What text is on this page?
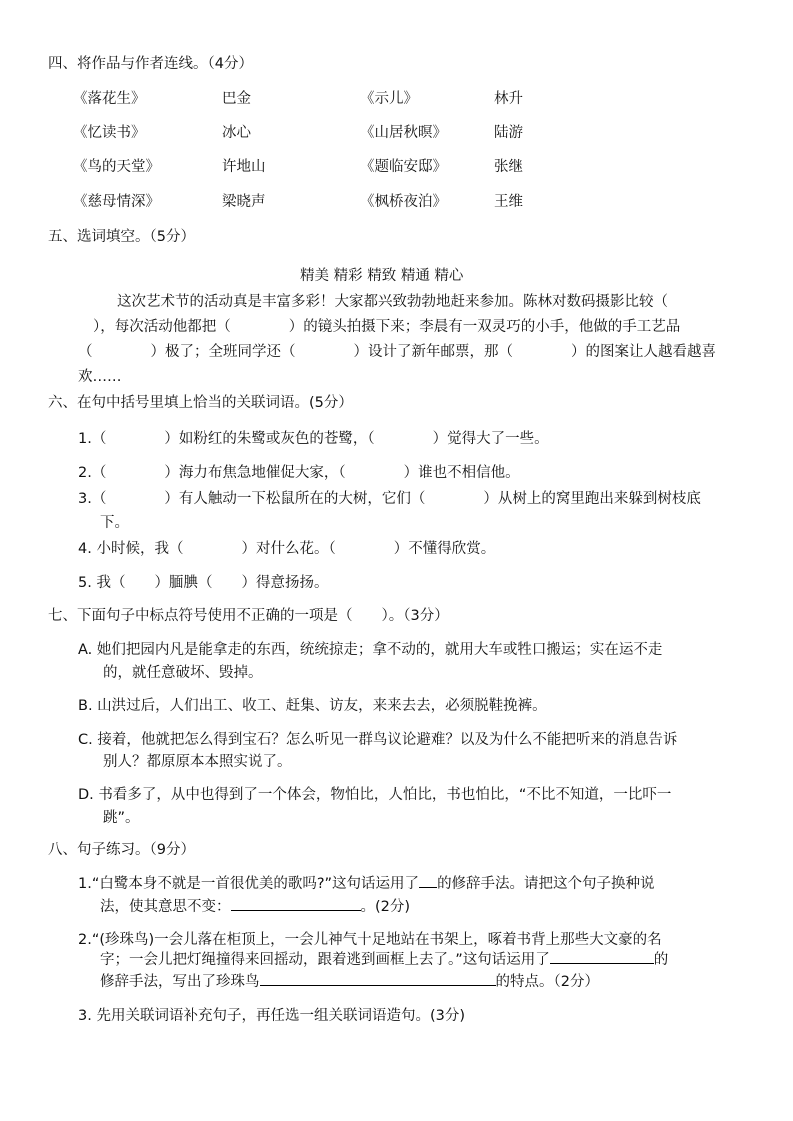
四、将作品与作者连线。（4分）
《落花生》	巴金	《示儿》	林升
《忆读书》	冰心	《山居秋暝》	陆游
《鸟的天堂》	许地山	《题临安邸》	张继
《慈母情深》	梁晓声	《枫桥夜泊》	王维
五、选词填空。（5分）
精美 精彩 精致 精通 精心
这次艺术节的活动真是丰富多彩！大家都兴致勃勃地赶来参加。陈林对数码摄影比较（
），每次活动他都把（　　　　）的镜头拍摄下来；李晨有一双灵巧的小手，他做的手工艺品
（　　　　）极了；全班同学还（　　　　）设计了新年邮票，那（　　　　）的图案让人越看越喜
欢……
六、在句中括号里填上恰当的关联词语。(5分）
1.（　　　　）如粉红的朱鹭或灰色的苍鹭，（　　　　）觉得大了一些。
2.（　　　　）海力布焦急地催促大家，（　　　　）谁也不相信他。
3.（　　　　）有人触动一下松鼠所在的大树，它们（　　　　）从树上的窝里跑出来躲到树枝底
下。
4. 小时候，我（　　　　）对什么花。（　　　　）不懂得欣赏。
5. 我（　　）腼腆（　　）得意扬扬。
七、下面句子中标点符号使用不正确的一项是（　　）。（3分）
A. 她们把园内凡是能拿走的东西，统统掠走；拿不动的，就用大车或牲口搬运；实在运不走
的，就任意破坏、毁掉。
B. 山洪过后，人们出工、收工、赶集、访友，来来去去，必须脱鞋挽裤。
C. 接着，他就把怎么得到宝石？怎么听见一群鸟议论避难？以及为什么不能把听来的消息告诉
别人？都原原本本照实说了。
D. 书看多了，从中也得到了一个体会，物怕比，人怕比，书也怕比，“不比不知道，一比吓一
跳”。
八、句子练习。（9分）
1.“白鹭本身不就是一首很优美的歌吗?”这句话运用了 的修辞手法。请把这个句子换种说
法，使其意思不变：	。(2分)
2.“(珍珠鸟)一会儿落在柜顶上，一会儿神气十足地站在书架上，啄着书背上那些大文豪的名
字；一会儿把灯绳撞得来回摇动，跟着逃到画框上去了。”这句话运用了	的
修辞手法，写出了珍珠鸟	的特点。（2分）
3. 先用关联词语补充句子，再任选一组关联词语造句。(3分)
